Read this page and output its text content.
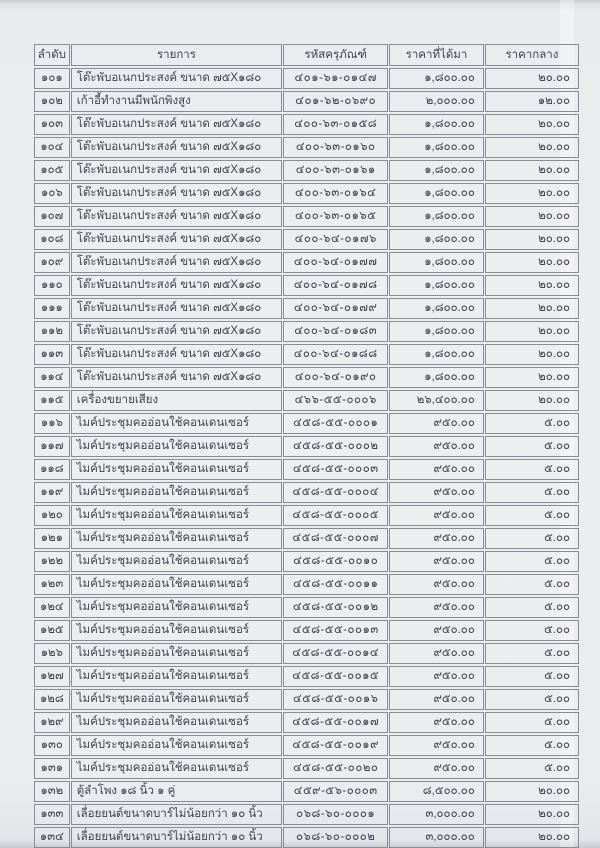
ลำดับ	รายการ	รหัสครุภัณฑ์	ราคาที่ได้มา	ราคากลาง
๑๐๑	โต๊ะพับอเนกประสงค์ ขนาด ๗๕X๑๘๐	๔๐๑-๖๑-๐๑๔๗	๑,๘๐๐.๐๐	๒๐.๐๐
๑๐๒	เก้าอี้ทำงานมีพนักพิงสูง	๔๐๑-๖๒-๐๖๙๐	๒,๐๐๐.๐๐	๑๒.๐๐
๑๐๓	โต๊ะพับอเนกประสงค์ ขนาด ๗๕X๑๘๐	๔๐๐-๖๓-๐๑๕๘	๑,๘๐๐.๐๐	๒๐.๐๐
๑๐๔	โต๊ะพับอเนกประสงค์ ขนาด ๗๕X๑๘๐	๔๐๐-๖๓-๐๑๖๐	๑,๘๐๐.๐๐	๒๐.๐๐
๑๐๕	โต๊ะพับอเนกประสงค์ ขนาด ๗๕X๑๘๐	๔๐๐-๖๓-๐๑๖๑	๑,๘๐๐.๐๐	๒๐.๐๐
๑๐๖	โต๊ะพับอเนกประสงค์ ขนาด ๗๕X๑๘๐	๔๐๐-๖๓-๐๑๖๔	๑,๘๐๐.๐๐	๒๐.๐๐
๑๐๗	โต๊ะพับอเนกประสงค์ ขนาด ๗๕X๑๘๐	๔๐๐-๖๓-๐๑๖๕	๑,๘๐๐.๐๐	๒๐.๐๐
๑๐๘	โต๊ะพับอเนกประสงค์ ขนาด ๗๕X๑๘๐	๔๐๐-๖๔-๐๑๗๖	๑,๘๐๐.๐๐	๒๐.๐๐
๑๐๙	โต๊ะพับอเนกประสงค์ ขนาด ๗๕X๑๘๐	๔๐๐-๖๔-๐๑๗๗	๑,๘๐๐.๐๐	๒๐.๐๐
๑๑๐	โต๊ะพับอเนกประสงค์ ขนาด ๗๕X๑๘๐	๔๐๐-๖๔-๐๑๗๘	๑,๘๐๐.๐๐	๒๐.๐๐
๑๑๑	โต๊ะพับอเนกประสงค์ ขนาด ๗๕X๑๘๐	๔๐๐-๖๔-๐๑๗๙	๑,๘๐๐.๐๐	๒๐.๐๐
๑๑๒	โต๊ะพับอเนกประสงค์ ขนาด ๗๕X๑๘๐	๔๐๐-๖๔-๐๑๘๓	๑,๘๐๐.๐๐	๒๐.๐๐
๑๑๓	โต๊ะพับอเนกประสงค์ ขนาด ๗๕X๑๘๐	๔๐๐-๖๔-๐๑๘๘	๑,๘๐๐.๐๐	๒๐.๐๐
๑๑๔	โต๊ะพับอเนกประสงค์ ขนาด ๗๕X๑๘๐	๔๐๐-๖๔-๐๑๙๐	๑,๘๐๐.๐๐	๒๐.๐๐
๑๑๕	เครื่องขยายเสียง	๔๖๖-๕๕-๐๐๐๖	๒๖,๔๐๐.๐๐	๒๐.๐๐
๑๑๖	ไมค์ประชุมคออ่อนใช้คอนเดนเซอร์	๔๕๘-๕๕-๐๐๐๑	๙๕๐.๐๐	๕.๐๐
๑๑๗	ไมค์ประชุมคออ่อนใช้คอนเดนเซอร์	๔๕๘-๕๕-๐๐๐๒	๙๕๐.๐๐	๕.๐๐
๑๑๘	ไมค์ประชุมคออ่อนใช้คอนเดนเซอร์	๔๕๘-๕๕-๐๐๐๓	๙๕๐.๐๐	๕.๐๐
๑๑๙	ไมค์ประชุมคออ่อนใช้คอนเดนเซอร์	๔๕๘-๕๕-๐๐๐๔	๙๕๐.๐๐	๕.๐๐
๑๒๐	ไมค์ประชุมคออ่อนใช้คอนเดนเซอร์	๔๕๘-๕๕-๐๐๐๕	๙๕๐.๐๐	๕.๐๐
๑๒๑	ไมค์ประชุมคออ่อนใช้คอนเดนเซอร์	๔๕๘-๕๕-๐๐๐๗	๙๕๐.๐๐	๕.๐๐
๑๒๒	ไมค์ประชุมคออ่อนใช้คอนเดนเซอร์	๔๕๘-๕๕-๐๐๑๐	๙๕๐.๐๐	๕.๐๐
๑๒๓	ไมค์ประชุมคออ่อนใช้คอนเดนเซอร์	๔๕๘-๕๕-๐๐๑๑	๙๕๐.๐๐	๕.๐๐
๑๒๔	ไมค์ประชุมคออ่อนใช้คอนเดนเซอร์	๔๕๘-๕๕-๐๐๑๒	๙๕๐.๐๐	๕.๐๐
๑๒๕	ไมค์ประชุมคออ่อนใช้คอนเดนเซอร์	๔๕๘-๕๕-๐๐๑๓	๙๕๐.๐๐	๕.๐๐
๑๒๖	ไมค์ประชุมคออ่อนใช้คอนเดนเซอร์	๔๕๘-๕๕-๐๐๑๔	๙๕๐.๐๐	๕.๐๐
๑๒๗	ไมค์ประชุมคออ่อนใช้คอนเดนเซอร์	๔๕๘-๕๕-๐๐๑๕	๙๕๐.๐๐	๕.๐๐
๑๒๘	ไมค์ประชุมคออ่อนใช้คอนเดนเซอร์	๔๕๘-๕๕-๐๐๑๖	๙๕๐.๐๐	๕.๐๐
๑๒๙	ไมค์ประชุมคออ่อนใช้คอนเดนเซอร์	๔๕๘-๕๕-๐๐๑๗	๙๕๐.๐๐	๕.๐๐
๑๓๐	ไมค์ประชุมคออ่อนใช้คอนเดนเซอร์	๔๕๘-๕๕-๐๐๑๙	๙๕๐.๐๐	๕.๐๐
๑๓๑	ไมค์ประชุมคออ่อนใช้คอนเดนเซอร์	๔๕๘-๕๕-๐๐๒๐	๙๕๐.๐๐	๕.๐๐
๑๓๒	ตู้ลำโพง ๑๘ นิ้ว ๑ คู่	๔๕๙-๕๖-๐๐๐๓	๘,๕๐๐.๐๐	๒๐.๐๐
๑๓๓	เลื่อยยนต์ขนาดบาร์ไม่น้อยกว่า ๑๐ นิ้ว	๐๖๘-๖๐-๐๐๐๑	๓,๐๐๐.๐๐	๒๐.๐๐
๑๓๔	เลื่อยยนต์ขนาดบาร์ไม่น้อยกว่า ๑๐ นิ้ว	๐๖๘-๖๐-๐๐๐๒	๓,๐๐๐.๐๐	๒๐.๐๐
